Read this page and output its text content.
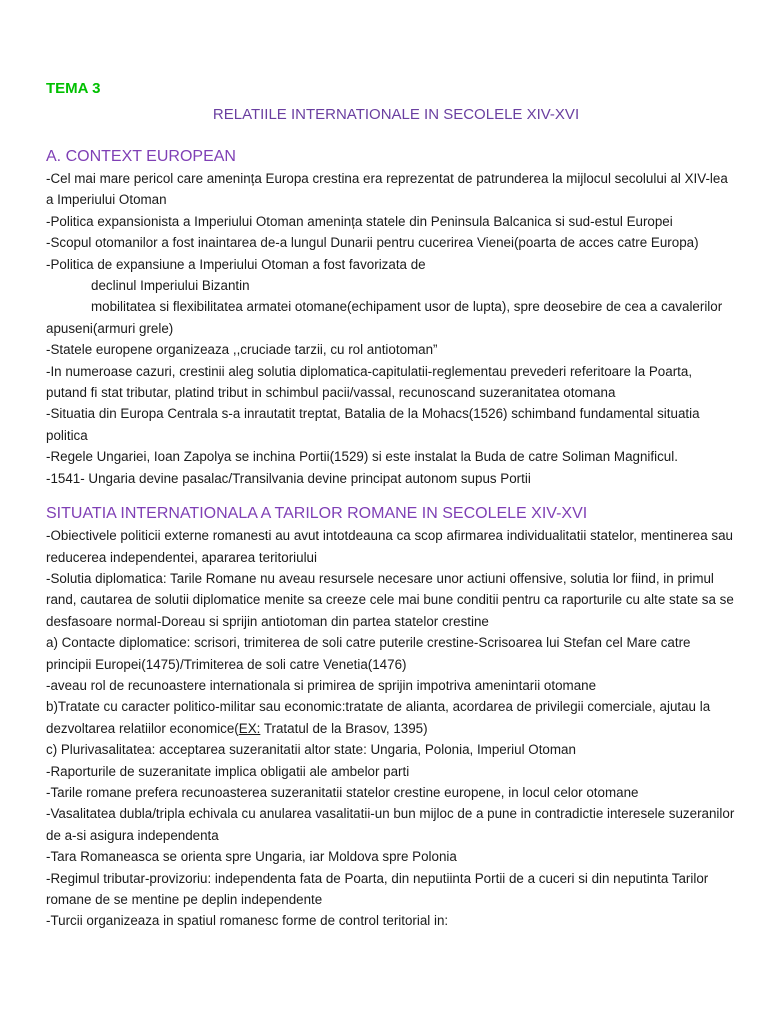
TEMA 3

RELATIILE INTERNATIONALE IN SECOLELE XIV-XVI

A. CONTEXT EUROPEAN

-Cel mai mare pericol care amenința Europa crestina era reprezentat de patrunderea la mijlocul secolului al XIV-lea a Imperiului Otoman

-Politica expansionista a Imperiului Otoman amenința statele din Peninsula Balcanica si sud-estul Europei

-Scopul otomanilor a fost inaintarea de-a lungul Dunarii pentru cucerirea Vienei(poarta de acces catre Europa)

-Politica de expansiune a Imperiului Otoman a fost favorizata de

declinul Imperiului Bizantin

mobilitatea si flexibilitatea armatei otomane(echipament usor de lupta), spre deosebire de cea a cavalerilor apuseni(armuri grele)

-Statele europene organizeaza ,,cruciade tarzii, cu rol antiotoman”

-In numeroase cazuri, crestinii aleg solutia diplomatica-capitulatii-reglementau prevederi referitoare la Poarta, putand fi stat tributar, platind tribut in schimbul pacii/vassal, recunoscand suzeranitatea otomana

-Situatia din Europa Centrala s-a inrautatit treptat, Batalia de la Mohacs(1526) schimband fundamental situatia politica

-Regele Ungariei, Ioan Zapolya se inchina Portii(1529) si este instalat la Buda de catre Soliman Magnificul.

-1541- Ungaria devine pasalac/Transilvania devine principat autonom supus Portii

SITUATIA INTERNATIONALA A TARILOR ROMANE IN SECOLELE XIV-XVI

-Obiectivele politicii externe romanesti au avut intotdeauna ca scop afirmarea individualitatii statelor, mentinerea sau reducerea independentei, apararea teritoriului

-Solutia diplomatica: Tarile Romane nu aveau resursele necesare unor actiuni offensive, solutia lor fiind, in primul rand, cautarea de solutii diplomatice menite sa creeze cele mai bune conditii pentru ca raporturile cu alte state sa se desfasoare normal-Doreau si sprijin antiotoman din partea statelor crestine

a) Contacte diplomatice: scrisori, trimiterea de soli catre puterile crestine-Scrisoarea lui Stefan cel Mare catre principii Europei(1475)/Trimiterea de soli catre Venetia(1476)

-aveau rol de recunoastere internationala si primirea de sprijin impotriva amenintarii otomane

b)Tratate cu caracter politico-militar sau economic:tratate de alianta, acordarea de privilegii comerciale, ajutau la dezvoltarea relatiilor economice(EX: Tratatul de la Brasov, 1395)

c) Plurivasalitatea: acceptarea suzeranitatii altor state: Ungaria, Polonia, Imperiul Otoman

-Raporturile de suzeranitate implica obligatii ale ambelor parti

-Tarile romane prefera recunoasterea suzeranitatii statelor crestine europene, in locul celor otomane

-Vasalitatea dubla/tripla echivala cu anularea vasalitatii-un bun mijloc de a pune in contradictie interesele suzeranilor de a-si asigura independenta

-Tara Romaneasca se orienta spre Ungaria, iar Moldova spre Polonia

-Regimul tributar-provizoriu: independenta fata de Poarta, din neputiinta Portii de a cuceri si din neputinta Tarilor romane de se mentine pe deplin independente

-Turcii organizeaza in spatiul romanesc forme de control teritorial in:
